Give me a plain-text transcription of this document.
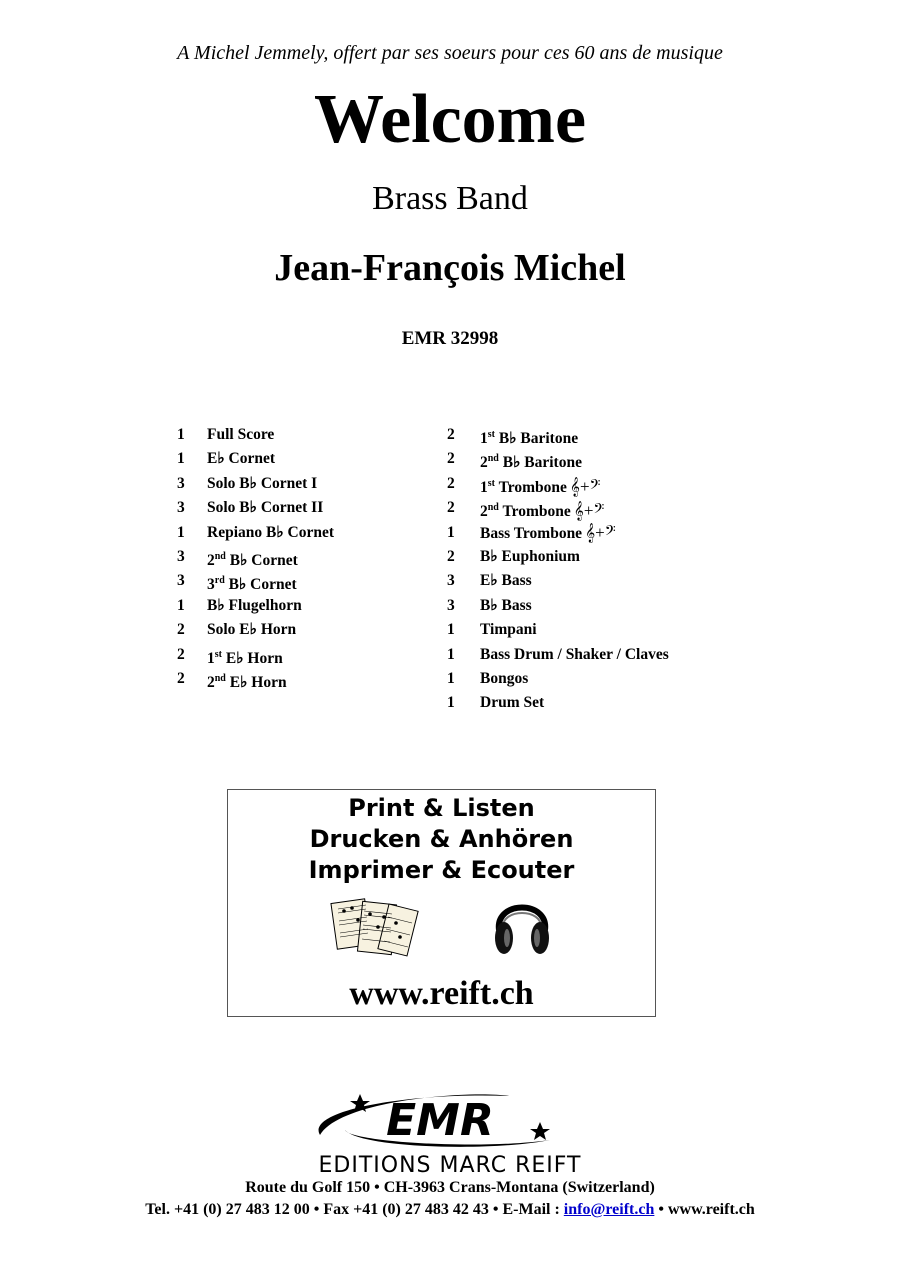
A Michel Jemmely, offert par ses soeurs pour ces 60 ans de musique
Welcome
Brass Band
Jean-François Michel
EMR 32998
1	Full Score
1	E♭ Cornet
3	Solo B♭ Cornet I
3	Solo B♭ Cornet II
1	Repiano B♭ Cornet
3	2nd B♭ Cornet
3	3rd B♭ Cornet
1	B♭ Flugelhorn
2	Solo E♭ Horn
2	1st E♭ Horn
2	2nd E♭ Horn
2	1st B♭ Baritone
2	2nd B♭ Baritone
2	1st Trombone 𝄞+𝄢
2	2nd Trombone 𝄞+𝄢
1	Bass Trombone 𝄞+𝄢
2	B♭ Euphonium
3	E♭ Bass
3	B♭ Bass
1	Timpani
1	Bass Drum / Shaker / Claves
1	Bongos
1	Drum Set
Print & Listen
Drucken & Anhören
Imprimer & Ecouter
www.reift.ch
EMR
EDITIONS MARC REIFT
Route du Golf 150 • CH-3963 Crans-Montana (Switzerland)
Tel. +41 (0) 27 483 12 00 • Fax +41 (0) 27 483 42 43 • E-Mail : info@reift.ch • www.reift.ch
